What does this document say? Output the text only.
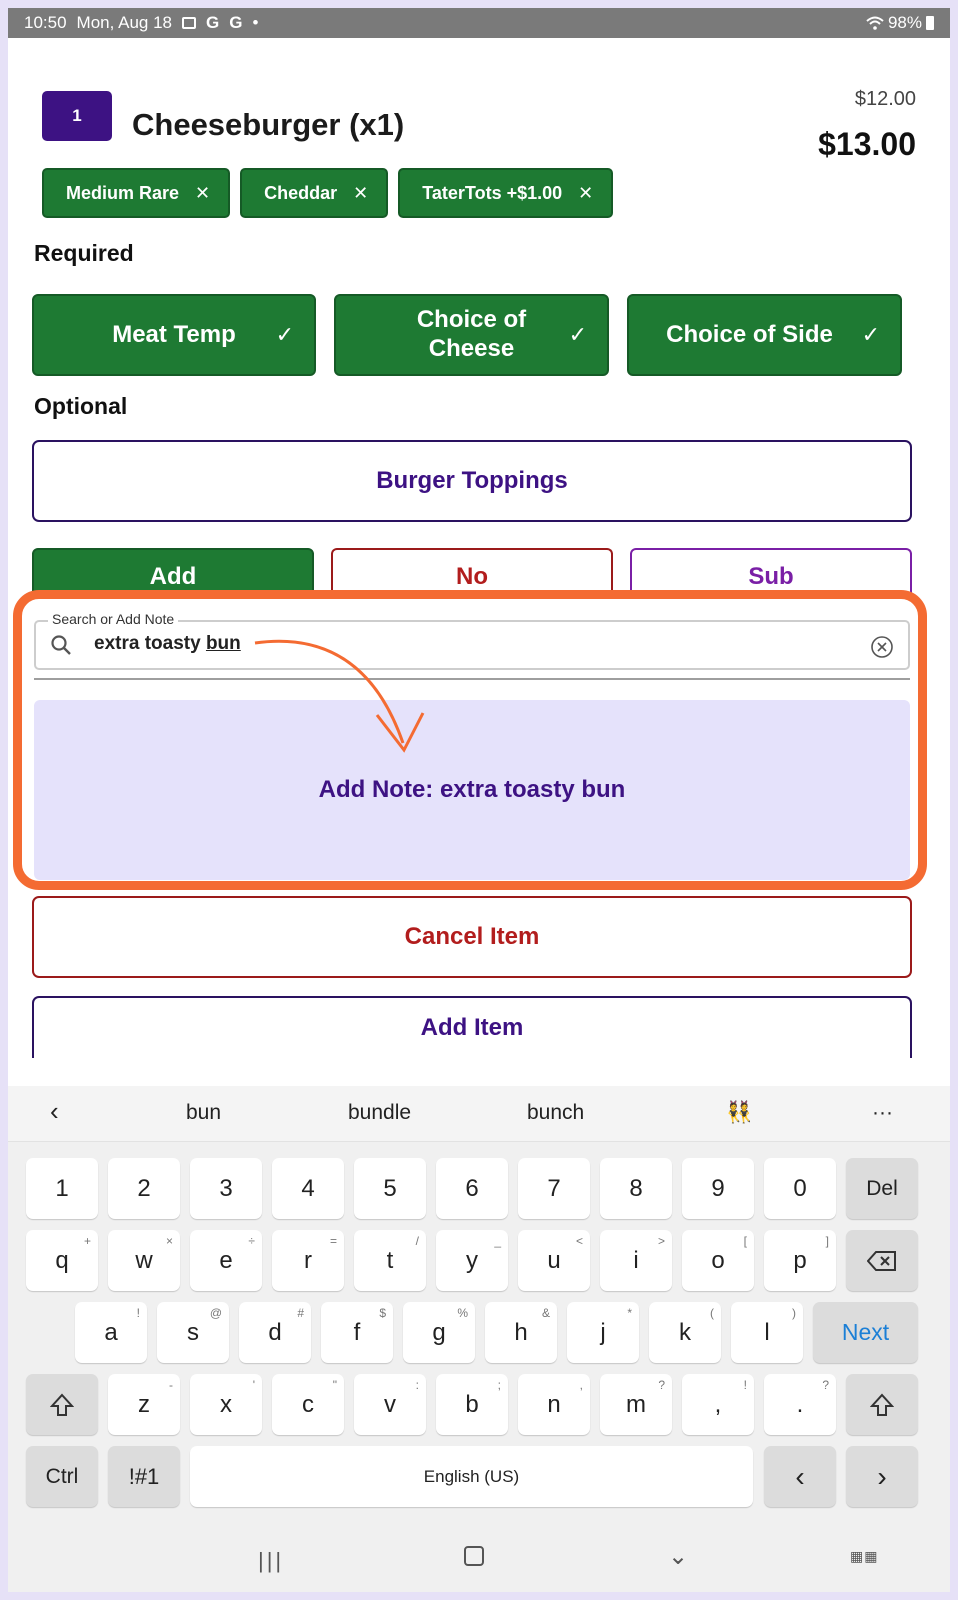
10:50 Mon, Aug 18 G G •	98%
1	Cheeseburger (x1)
$12.00
$13.00
Medium Rare ✕	Cheddar ✕	TaterTots +$1.00 ✕
Required
Meat Temp ✓
Choice of Cheese
✓	Choice of Side ✓
Optional
Burger Toppings
Add	No	Sub
Search or Add Note
extra toasty bun
Add Note: extra toasty bun
Cancel Item
Add Item
‹	bun	bundle	bunch	👯	···
1	2	3	4	5	6	7	8	9	0	Del
q
+
w
×
e
÷
r
=
t
/
y
_
u
<
i
>
o
[
p
]
a
!
s
@
d
#
f
$
g
%
h
&
j
*
k
(
l
)
Next
z
-
x
'
c
"
v
:
b
;
n
,
m
?
,
!
.
?
Ctrl	!#1	English (US)	‹	›
|||	⌄	▦▦
